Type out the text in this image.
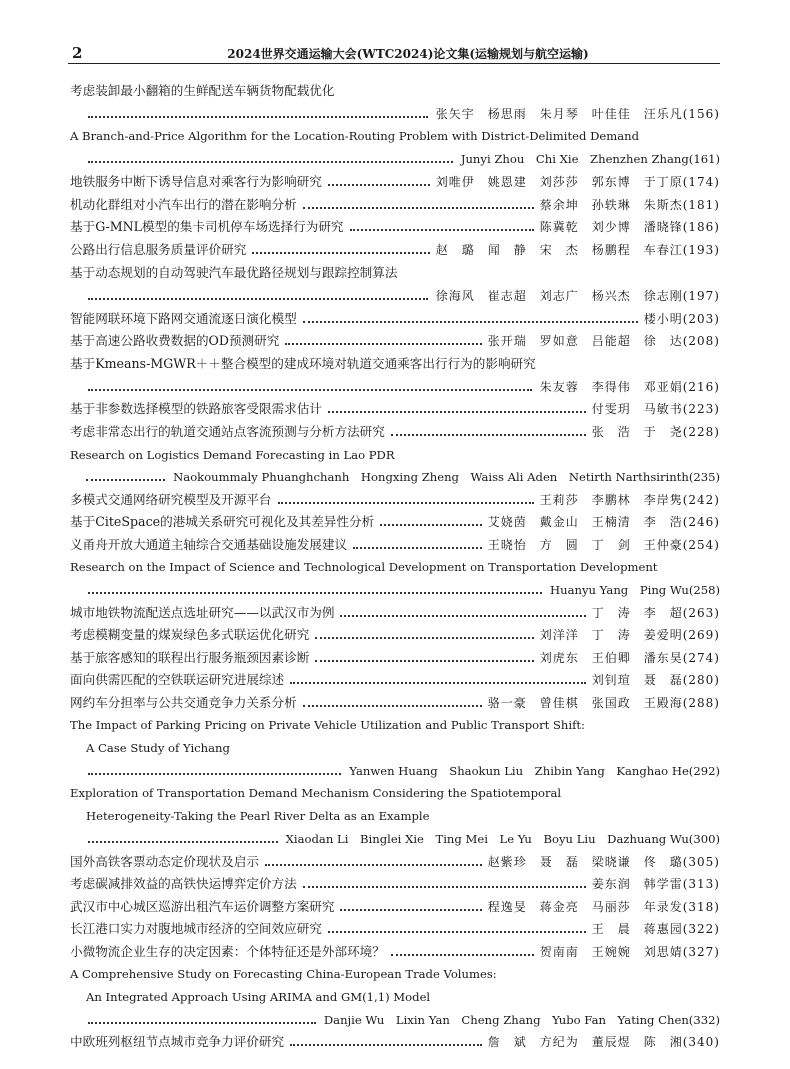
2	2024世界交通运输大会(WTC2024)论文集(运输规划与航空运输)
考虑装卸最小翻箱的生鲜配送车辆货物配载优化
张矢宇　杨思雨　朱月琴　叶佳佳　汪乐凡(156)
A Branch-and-Price Algorithm for the Location-Routing Problem with District-Delimited Demand
Junyi Zhou　Chi Xie　Zhenzhen Zhang(161)
地铁服务中断下诱导信息对乘客行为影响研究	刘唯伊　姚恩建　刘莎莎　郭东博　于丁原(174)
机动化群组对小汽车出行的潜在影响分析	蔡余坤　孙轶琳　朱斯杰(181)
基于G-MNL模型的集卡司机停车场选择行为研究	陈冀乾　刘少博　潘晓锋(186)
公路出行信息服务质量评价研究	赵　璐　闻　静　宋　杰　杨鹏程　车春江(193)
基于动态规划的自动驾驶汽车最优路径规划与跟踪控制算法
徐海风　崔志超　刘志广　杨兴杰　徐志刚(197)
智能网联环境下路网交通流逐日演化模型	楼小明(203)
基于高速公路收费数据的OD预测研究	张开瑞　罗如意　吕能超　徐　达(208)
基于Kmeans-MGWR＋＋整合模型的建成环境对轨道交通乘客出行行为的影响研究
朱友蓉　李得伟　邓亚娟(216)
基于非参数选择模型的铁路旅客受限需求估计	付雯玥　马敏书(223)
考虑非常态出行的轨道交通站点客流预测与分析方法研究	张　浩　于　尧(228)
Research on Logistics Demand Forecasting in Lao PDR
Naokoummaly Phuanghchanh　Hongxing Zheng　Waiss Ali Aden　Netirth Narthsirinth(235)
多模式交通网络研究模型及开源平台	王莉莎　李鹏林　李岸隽(242)
基于CiteSpace的港城关系研究可视化及其差异性分析	艾娆茵　戴金山　王楠清　李　浩(246)
义甬舟开放大通道主轴综合交通基础设施发展建议	王晓怡　方　圆　丁　剑　王仲豪(254)
Research on the Impact of Science and Technological Development on Transportation Development
Huanyu Yang　Ping Wu(258)
城市地铁物流配送点选址研究——以武汉市为例	丁　涛　李　超(263)
考虑模糊变量的煤炭绿色多式联运优化研究	刘洋洋　丁　涛　姜爱明(269)
基于旅客感知的联程出行服务瓶颈因素诊断	刘虎东　王伯卿　潘东昊(274)
面向供需匹配的空铁联运研究进展综述	刘钊瑄　聂　磊(280)
网约车分担率与公共交通竞争力关系分析	骆一豪　曾佳棋　张国政　王殿海(288)
The Impact of Parking Pricing on Private Vehicle Utilization and Public Transport Shift:
A Case Study of Yichang
Yanwen Huang　Shaokun Liu　Zhibin Yang　Kanghao He(292)
Exploration of Transportation Demand Mechanism Considering the Spatiotemporal
Heterogeneity-Taking the Pearl River Delta as an Example
Xiaodan Li　Binglei Xie　Ting Mei　Le Yu　Boyu Liu　Dazhuang Wu(300)
国外高铁客票动态定价现状及启示	赵紫珍　聂　磊　梁晓谦　佟　璐(305)
考虑碳减排效益的高铁快运博弈定价方法	姜东润　韩学雷(313)
武汉市中心城区巡游出租汽车运价调整方案研究	程逸旻　蒋金亮　马丽莎　年录发(318)
长江港口实力对腹地城市经济的空间效应研究	王　晨　蒋惠园(322)
小微物流企业生存的决定因素：个体特征还是外部环境？	贺南南　王婉婉　刘思婧(327)
A Comprehensive Study on Forecasting China-European Trade Volumes:
An Integrated Approach Using ARIMA and GM(1,1) Model
Danjie Wu　Lixin Yan　Cheng Zhang　Yubo Fan　Yating Chen(332)
中欧班列枢纽节点城市竞争力评价研究	詹　斌　方纪为　董辰煜　陈　湘(340)
